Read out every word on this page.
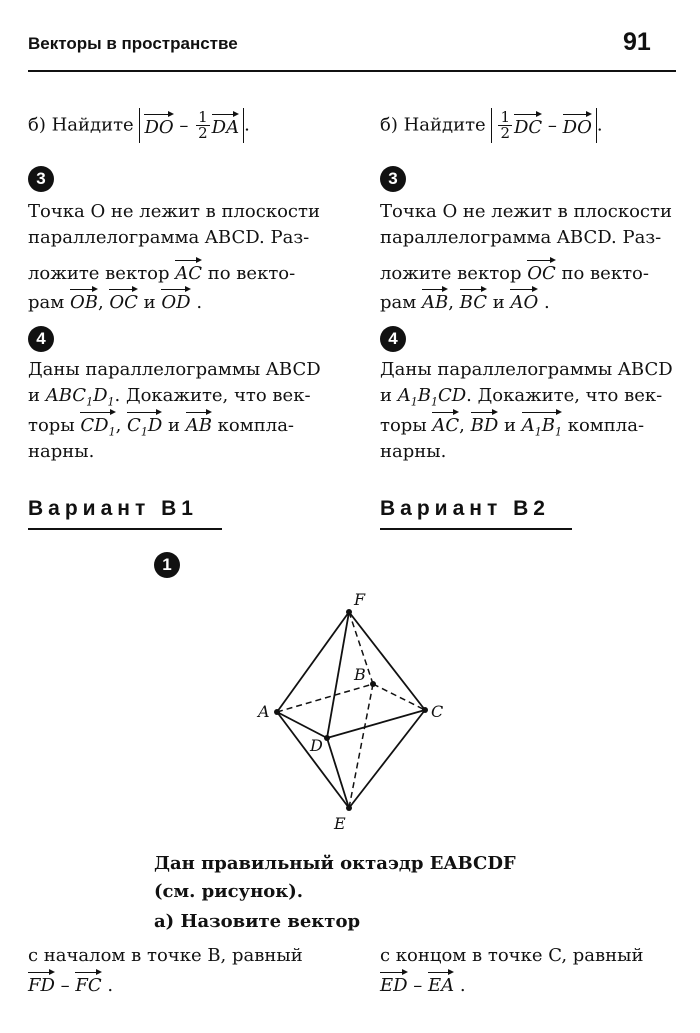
Векторы в пространстве	91
б) Найдите DO – $\frac{1}{2}$ DA .	б) Найдите $\frac{1}{2}$ DC – DO .
3	3
Точка O не лежит в плоскости
параллелограмма ABCD. Раз-
ложите вектор AC по векто-
рам OB, OC и OD .
Точка O не лежит в плоскости
параллелограмма ABCD. Раз-
ложите вектор OC по векто-
рам AB, BC и AO .
4	4
Даны параллелограммы ABCD
и $ABC_1D_1$. Докажите, что век-
торы $CD_1$, $C_1D$ и AB компла-
нарны.
Даны параллелограммы ABCD
и $A_1B_1CD$. Докажите, что век-
торы AC, BD и $A_1B_1$ компла-
нарны.
Вариант В1	Вариант В2
1
F
B
A	C
D
E
Дан правильный октаэдр EABCDF
(см. рисунок).
а) Назовите вектор
с началом в точке B, равный
FD – FC .
с концом в точке C, равный
ED – EA .
